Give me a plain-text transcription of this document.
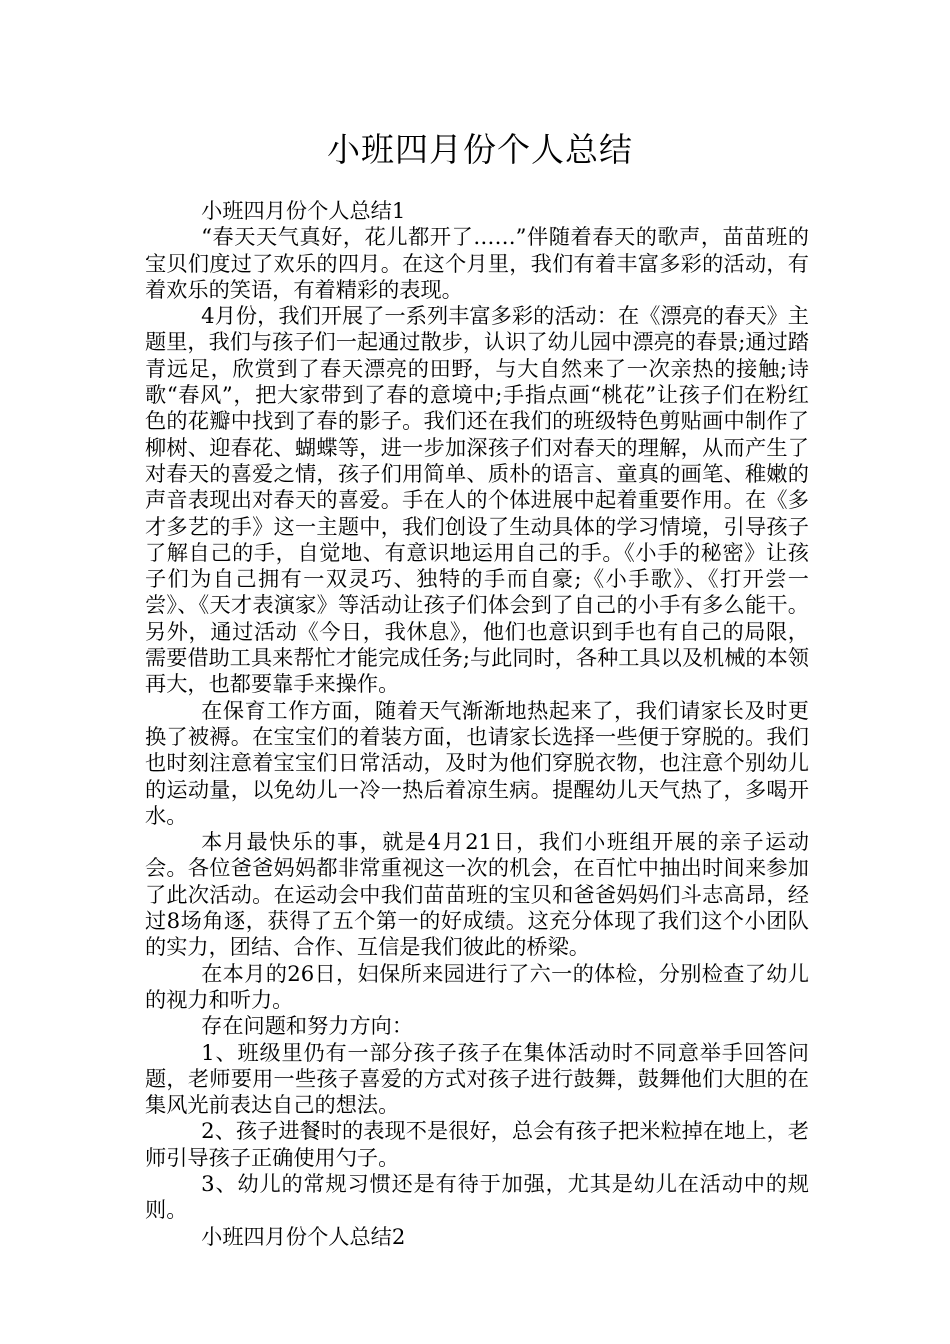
小班四月份个人总结

小班四月份个人总结1

“春天天气真好，花儿都开了……”伴随着春天的歌声，苗苗班的宝贝们度过了欢乐的四月。在这个月里，我们有着丰富多彩的活动，有着欢乐的笑语，有着精彩的表现。

4月份，我们开展了一系列丰富多彩的活动：在《漂亮的春天》主题里，我们与孩子们一起通过散步，认识了幼儿园中漂亮的春景;通过踏青远足，欣赏到了春天漂亮的田野，与大自然来了一次亲热的接触;诗歌“春风”，把大家带到了春的意境中;手指点画“桃花”让孩子们在粉红色的花瓣中找到了春的影子。我们还在我们的班级特色剪贴画中制作了柳树、迎春花、蝴蝶等，进一步加深孩子们对春天的理解，从而产生了对春天的喜爱之情，孩子们用简单、质朴的语言、童真的画笔、稚嫩的声音表现出对春天的喜爱。手在人的个体进展中起着重要作用。在《多才多艺的手》这一主题中，我们创设了生动具体的学习情境，引导孩子了解自己的手，自觉地、有意识地运用自己的手。《小手的秘密》让孩子们为自己拥有一双灵巧、独特的手而自豪;《小手歌》、《打开尝一尝》、《天才表演家》等活动让孩子们体会到了自己的小手有多么能干。另外，通过活动《今日，我休息》，他们也意识到手也有自己的局限，需要借助工具来帮忙才能完成任务;与此同时，各种工具以及机械的本领再大，也都要靠手来操作。

在保育工作方面，随着天气渐渐地热起来了，我们请家长及时更换了被褥。在宝宝们的着装方面，也请家长选择一些便于穿脱的。我们也时刻注意着宝宝们日常活动，及时为他们穿脱衣物，也注意个别幼儿的运动量，以免幼儿一冷一热后着凉生病。提醒幼儿天气热了，多喝开水。

本月最快乐的事，就是4月21日，我们小班组开展的亲子运动会。各位爸爸妈妈都非常重视这一次的机会，在百忙中抽出时间来参加了此次活动。在运动会中我们苗苗班的宝贝和爸爸妈妈们斗志高昂，经过8场角逐，获得了五个第一的好成绩。这充分体现了我们这个小团队的实力，团结、合作、互信是我们彼此的桥梁。

在本月的26日，妇保所来园进行了六一的体检，分别检查了幼儿的视力和听力。

存在问题和努力方向：

1、班级里仍有一部分孩子孩子在集体活动时不同意举手回答问题，老师要用一些孩子喜爱的方式对孩子进行鼓舞，鼓舞他们大胆的在集风光前表达自己的想法。

2、孩子进餐时的表现不是很好，总会有孩子把米粒掉在地上，老师引导孩子正确使用勺子。

3、幼儿的常规习惯还是有待于加强，尤其是幼儿在活动中的规则。

小班四月份个人总结2
